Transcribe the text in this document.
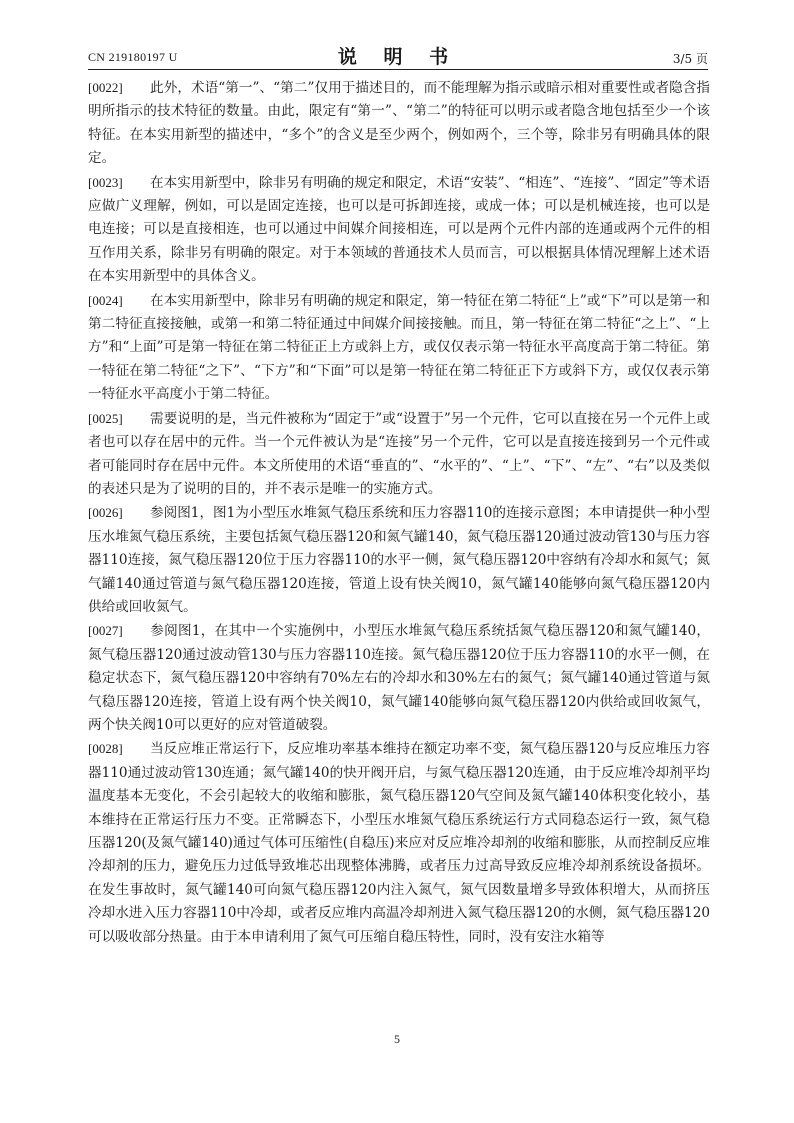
CN 219180197 U	说 明 书	3/5 页

[0022] 此外，术语“第一”、“第二”仅用于描述目的，而不能理解为指示或暗示相对重要性或者隐含指明所指示的技术特征的数量。由此，限定有“第一”、“第二”的特征可以明示或者隐含地包括至少一个该特征。在本实用新型的描述中，“多个”的含义是至少两个，例如两个，三个等，除非另有明确具体的限定。

[0023] 在本实用新型中，除非另有明确的规定和限定，术语“安装”、“相连”、“连接”、“固定”等术语应做广义理解，例如，可以是固定连接，也可以是可拆卸连接，或成一体；可以是机械连接，也可以是电连接；可以是直接相连，也可以通过中间媒介间接相连，可以是两个元件内部的连通或两个元件的相互作用关系，除非另有明确的限定。对于本领域的普通技术人员而言，可以根据具体情况理解上述术语在本实用新型中的具体含义。

[0024] 在本实用新型中，除非另有明确的规定和限定，第一特征在第二特征“上”或“下”可以是第一和第二特征直接接触，或第一和第二特征通过中间媒介间接接触。而且，第一特征在第二特征“之上”、“上方”和“上面”可是第一特征在第二特征正上方或斜上方，或仅仅表示第一特征水平高度高于第二特征。第一特征在第二特征“之下”、“下方”和“下面”可以是第一特征在第二特征正下方或斜下方，或仅仅表示第一特征水平高度小于第二特征。

[0025] 需要说明的是，当元件被称为“固定于”或“设置于”另一个元件，它可以直接在另一个元件上或者也可以存在居中的元件。当一个元件被认为是“连接”另一个元件，它可以是直接连接到另一个元件或者可能同时存在居中元件。本文所使用的术语“垂直的”、“水平的”、“上”、“下”、“左”、“右”以及类似的表述只是为了说明的目的，并不表示是唯一的实施方式。

[0026] 参阅图1，图1为小型压水堆氮气稳压系统和压力容器110的连接示意图；本申请提供一种小型压水堆氮气稳压系统，主要包括氮气稳压器120和氮气罐140，氮气稳压器120通过波动管130与压力容器110连接，氮气稳压器120位于压力容器110的水平一侧，氮气稳压器120中容纳有冷却水和氮气；氮气罐140通过管道与氮气稳压器120连接，管道上设有快关阀10，氮气罐140能够向氮气稳压器120内供给或回收氮气。

[0027] 参阅图1，在其中一个实施例中，小型压水堆氮气稳压系统括氮气稳压器120和氮气罐140，氮气稳压器120通过波动管130与压力容器110连接。氮气稳压器120位于压力容器110的水平一侧，在稳定状态下，氮气稳压器120中容纳有70%左右的冷却水和30%左右的氮气；氮气罐140通过管道与氮气稳压器120连接，管道上设有两个快关阀10，氮气罐140能够向氮气稳压器120内供给或回收氮气，两个快关阀10可以更好的应对管道破裂。

[0028] 当反应堆正常运行下，反应堆功率基本维持在额定功率不变，氮气稳压器120与反应堆压力容器110通过波动管130连通；氮气罐140的快开阀开启，与氮气稳压器120连通，由于反应堆冷却剂平均温度基本无变化，不会引起较大的收缩和膨胀，氮气稳压器120气空间及氮气罐140体积变化较小，基本维持在正常运行压力不变。正常瞬态下，小型压水堆氮气稳压系统运行方式同稳态运行一致，氮气稳压器120(及氮气罐140)通过气体可压缩性(自稳压)来应对反应堆冷却剂的收缩和膨胀，从而控制反应堆冷却剂的压力，避免压力过低导致堆芯出现整体沸腾，或者压力过高导致反应堆冷却剂系统设备损坏。在发生事故时，氮气罐140可向氮气稳压器120内注入氮气，氮气因数量增多导致体积增大，从而挤压冷却水进入压力容器110中冷却，或者反应堆内高温冷却剂进入氮气稳压器120的水侧，氮气稳压器120可以吸收部分热量。由于本申请利用了氮气可压缩自稳压特性，同时，没有安注水箱等

5
